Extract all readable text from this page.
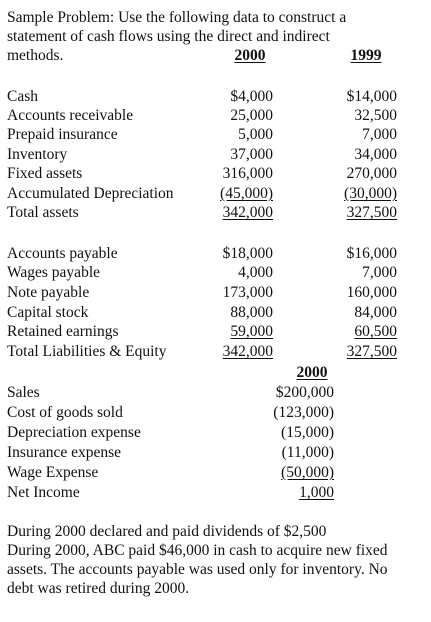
Sample Problem: Use the following data to construct a
statement of cash flows using the direct and indirect
methods.	2000	1999
Cash	$4,000	$14,000
Accounts receivable	25,000	32,500
Prepaid insurance	5,000	7,000
Inventory	37,000	34,000
Fixed assets	316,000	270,000
Accumulated Depreciation	(45,000)	(30,000)
Total assets	342,000	327,500
Accounts payable	$18,000	$16,000
Wages payable	4,000	7,000
Note payable	173,000	160,000
Capital stock	88,000	84,000
Retained earnings	59,000	60,500
Total Liabilities & Equity	342,000	327,500
2000
Sales	$200,000
Cost of goods sold	(123,000)
Depreciation expense	(15,000)
Insurance expense	(11,000)
Wage Expense	(50,000)
Net Income	1,000
During 2000 declared and paid dividends of $2,500
During 2000, ABC paid $46,000 in cash to acquire new fixed assets. The accounts payable was used only for inventory. No debt was retired during 2000.
